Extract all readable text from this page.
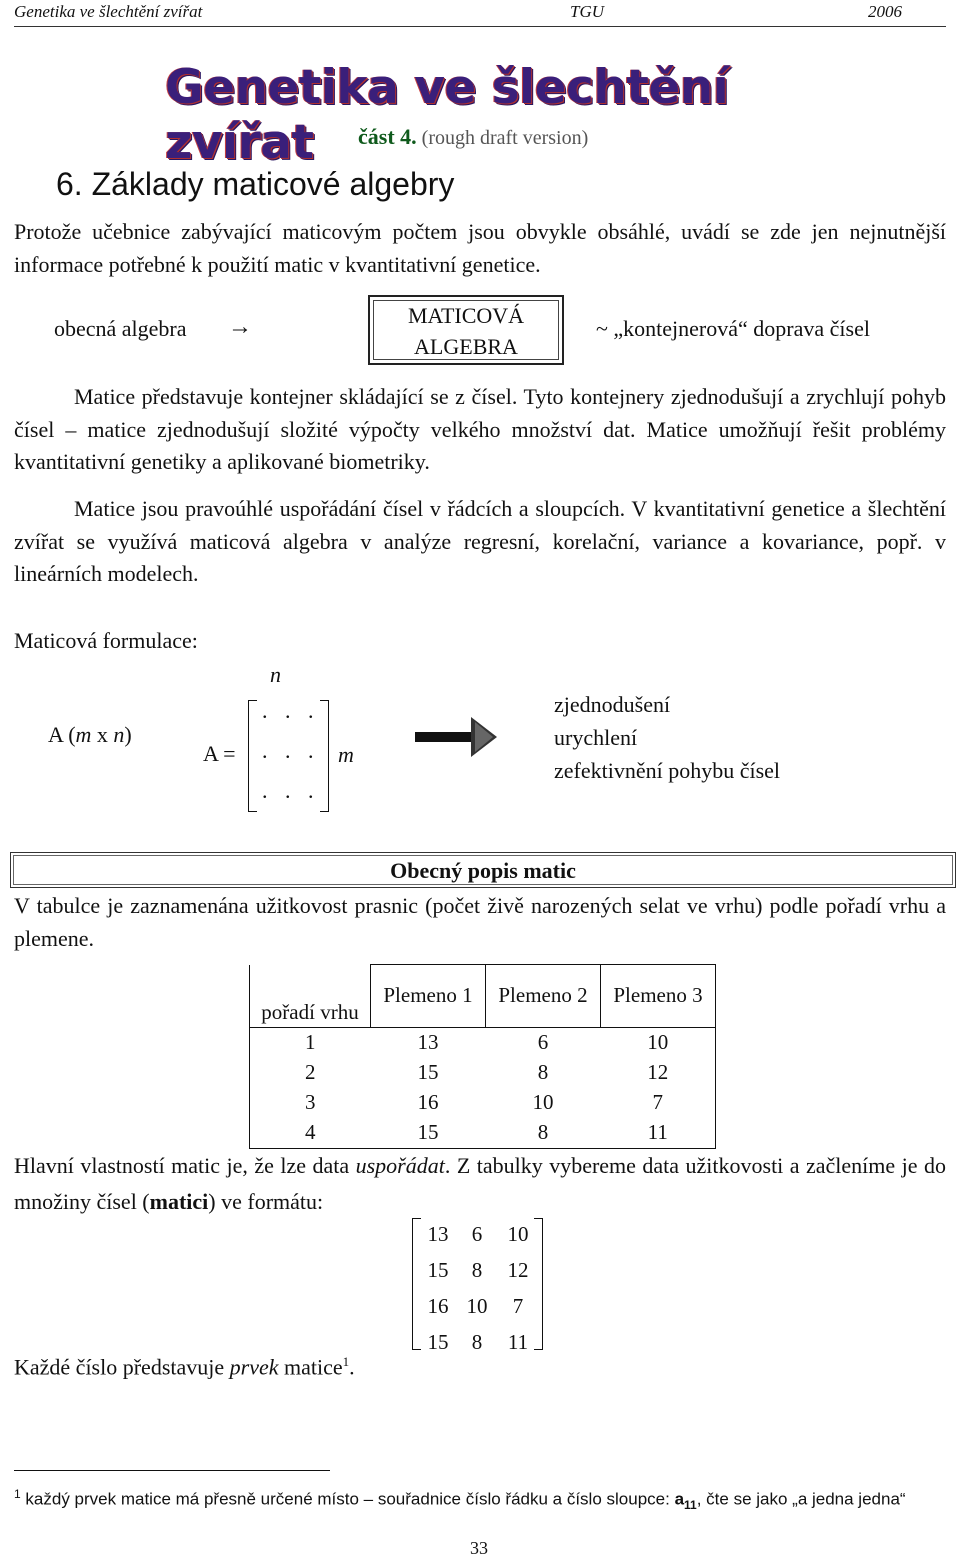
Genetika ve šlechtění zvířat	TGU	2006
Genetika ve šlechtění zvířat	část 4. (rough draft version)
6. Základy maticové algebry
Protože učebnice zabývající maticovým počtem jsou obvykle obsáhlé, uvádí se zde jen nejnutnější informace potřebné k použití matic v kvantitativní genetice.
obecná algebra →	MATICOVÁ
ALGEBRA
~ „kontejnerová“ doprava čísel
Matice představuje kontejner skládající se z čísel. Tyto kontejnery zjednodušují a zrychlují pohyb čísel – matice zjednodušují složité výpočty velkého množství dat. Matice umožňují řešit problémy kvantitativní genetiky a aplikované biometriky.
Matice jsou pravoúhlé uspořádání čísel v řádcích a sloupcích. V kvantitativní genetice a šlechtění zvířat se využívá maticová algebra v analýze regresní, korelační, variance a kovariance, popř. v lineárních modelech.
Maticová formulace:
A (m x n)
n
A =
. . .
. . .
. . .
m
zjednodušení
urychlení
zefektivnění pohybu čísel
Obecný popis matic
V tabulce je zaznamenána užitkovost prasnic (počet živě narozených selat ve vrhu) podle pořadí vrhu a plemene.
pořadí vrhu	Plemeno 1	Plemeno 2	Plemeno 3
1	13	6	10
2	15	8	12
3	16	10	7
4	15	8	11
Hlavní vlastností matic je, že lze data uspořádat. Z tabulky vybereme data užitkovosti a začleníme je do množiny čísel (matici) ve formátu:
13	6	10
15	8	12
16	10	7
15	8	11
Každé číslo představuje prvek matice$^1$.
$^1$ každý prvek matice má přesně určené místo – souřadnice číslo řádku a číslo sloupce: $a_{11}$, čte se jako „a jedna jedna“
33
